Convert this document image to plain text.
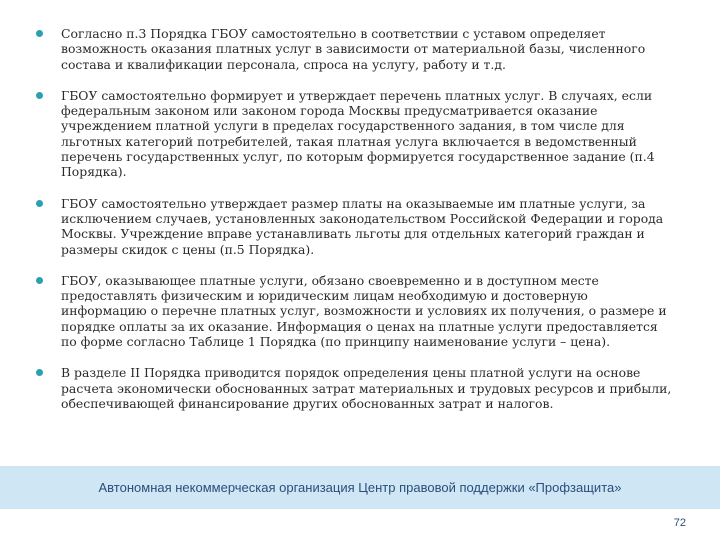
Согласно п.3 Порядка ГБОУ самостоятельно в соответствии с уставом определяет возможность оказания платных услуг в зависимости от материальной базы, численного состава и квалификации персонала, спроса на услугу, работу и т.д.
ГБОУ самостоятельно формирует и утверждает перечень платных услуг. В случаях, если федеральным законом или законом города Москвы предусматривается оказание учреждением платной услуги в пределах государственного задания, в том числе для льготных категорий потребителей, такая платная услуга включается в ведомственный перечень государственных услуг, по которым формируется государственное задание (п.4 Порядка).
ГБОУ самостоятельно утверждает размер платы на оказываемые им платные услуги, за исключением случаев, установленных законодательством Российской Федерации и города Москвы. Учреждение вправе устанавливать льготы для отдельных категорий граждан и размеры скидок с цены (п.5 Порядка).
ГБОУ, оказывающее платные услуги, обязано своевременно и в доступном месте предоставлять физическим и юридическим лицам необходимую и достоверную информацию о перечне платных услуг, возможности и условиях их получения, о размере и порядке оплаты за их оказание. Информация о ценах на платные услуги предоставляется по форме согласно Таблице 1 Порядка (по принципу наименование услуги – цена).
В разделе II Порядка приводится порядок определения цены платной услуги на основе расчета экономически обоснованных затрат материальных и трудовых ресурсов и прибыли, обеспечивающей финансирование других обоснованных затрат и налогов.
Автономная некоммерческая организация Центр правовой поддержки «Профзащита»
72
